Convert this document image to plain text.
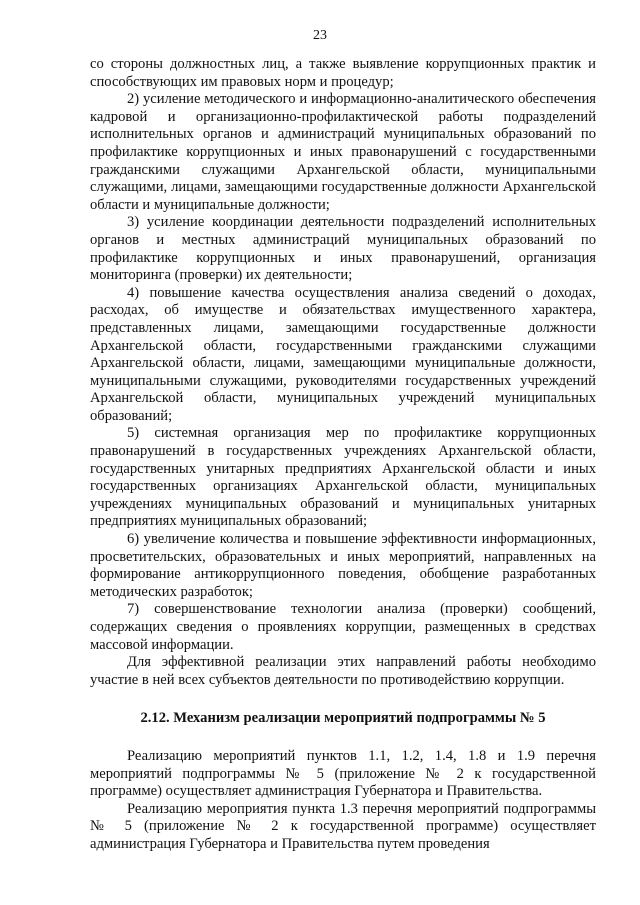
23

со стороны должностных лиц, а также выявление коррупционных практик и способствующих им правовых норм и процедур;

2) усиление методического и информационно-аналитического обеспечения кадровой и организационно-профилактической работы подразделений исполнительных органов и администраций муниципальных образований по профилактике коррупционных и иных правонарушений с государственными гражданскими служащими Архангельской области, муниципальными служащими, лицами, замещающими государственные должности Архангельской области и муниципальные должности;

3) усиление координации деятельности подразделений исполнительных органов и местных администраций муниципальных образований по профилактике коррупционных и иных правонарушений, организация мониторинга (проверки) их деятельности;

4) повышение качества осуществления анализа сведений о доходах, расходах, об имуществе и обязательствах имущественного характера, представленных лицами, замещающими государственные должности Архангельской области, государственными гражданскими служащими Архангельской области, лицами, замещающими муниципальные должности, муниципальными служащими, руководителями государственных учреждений Архангельской области, муниципальных учреждений муниципальных образований;

5) системная организация мер по профилактике коррупционных правонарушений в государственных учреждениях Архангельской области, государственных унитарных предприятиях Архангельской области и иных государственных организациях Архангельской области, муниципальных учреждениях муниципальных образований и муниципальных унитарных предприятиях муниципальных образований;

6) увеличение количества и повышение эффективности информационных, просветительских, образовательных и иных мероприятий, направленных на формирование антикоррупционного поведения, обобщение разработанных методических разработок;

7) совершенствование технологии анализа (проверки) сообщений, содержащих сведения о проявлениях коррупции, размещенных в средствах массовой информации.

Для эффективной реализации этих направлений работы необходимо участие в ней всех субъектов деятельности по противодействию коррупции.

2.12. Механизм реализации мероприятий подпрограммы № 5

Реализацию мероприятий пунктов 1.1, 1.2, 1.4, 1.8 и 1.9 перечня мероприятий подпрограммы № 5 (приложение № 2 к государственной программе) осуществляет администрация Губернатора и Правительства.

Реализацию мероприятия пункта 1.3 перечня мероприятий подпрограммы № 5 (приложение № 2 к государственной программе) осуществляет администрация Губернатора и Правительства путем проведения
